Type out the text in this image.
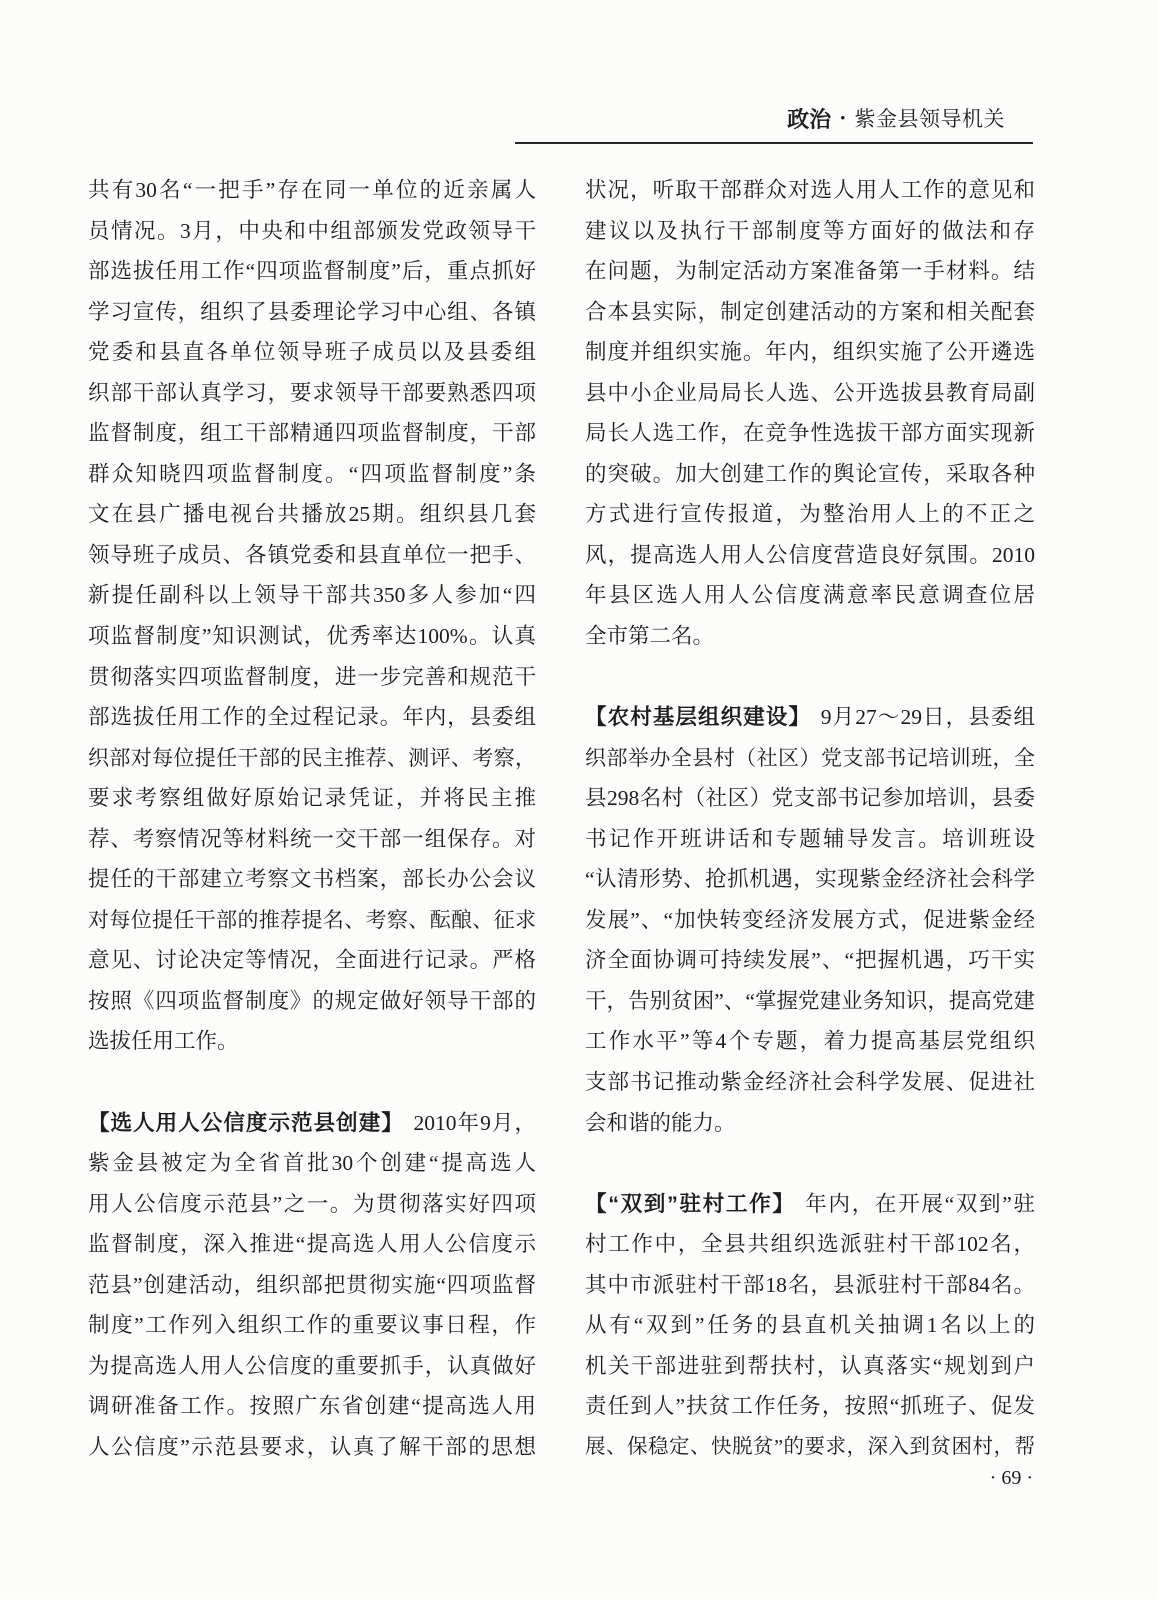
政治 · 紫金县领导机关
共有30名“一把手”存在同一单位的近亲属人
员情况。3月，中央和中组部颁发党政领导干
部选拔任用工作“四项监督制度”后，重点抓好
学习宣传，组织了县委理论学习中心组、各镇
党委和县直各单位领导班子成员以及县委组
织部干部认真学习，要求领导干部要熟悉四项
监督制度，组工干部精通四项监督制度，干部
群众知晓四项监督制度。“四项监督制度”条
文在县广播电视台共播放25期。组织县几套
领导班子成员、各镇党委和县直单位一把手、
新提任副科以上领导干部共350多人参加“四
项监督制度”知识测试，优秀率达100%。认真
贯彻落实四项监督制度，进一步完善和规范干
部选拔任用工作的全过程记录。年内，县委组
织部对每位提任干部的民主推荐、测评、考察，
要求考察组做好原始记录凭证，并将民主推
荐、考察情况等材料统一交干部一组保存。对
提任的干部建立考察文书档案，部长办公会议
对每位提任干部的推荐提名、考察、酝酿、征求
意见、讨论决定等情况，全面进行记录。严格
按照《四项监督制度》的规定做好领导干部的
选拔任用工作。
【选人用人公信度示范县创建】 2010年9月，
紫金县被定为全省首批30个创建“提高选人
用人公信度示范县”之一。为贯彻落实好四项
监督制度，深入推进“提高选人用人公信度示
范县”创建活动，组织部把贯彻实施“四项监督
制度”工作列入组织工作的重要议事日程，作
为提高选人用人公信度的重要抓手，认真做好
调研准备工作。按照广东省创建“提高选人用
人公信度”示范县要求，认真了解干部的思想
状况，听取干部群众对选人用人工作的意见和
建议以及执行干部制度等方面好的做法和存
在问题，为制定活动方案准备第一手材料。结
合本县实际，制定创建活动的方案和相关配套
制度并组织实施。年内，组织实施了公开遴选
县中小企业局局长人选、公开选拔县教育局副
局长人选工作，在竞争性选拔干部方面实现新
的突破。加大创建工作的舆论宣传，采取各种
方式进行宣传报道，为整治用人上的不正之
风，提高选人用人公信度营造良好氛围。2010
年县区选人用人公信度满意率民意调查位居
全市第二名。
【农村基层组织建设】 9月27～29日，县委组
织部举办全县村（社区）党支部书记培训班，全
县298名村（社区）党支部书记参加培训，县委
书记作开班讲话和专题辅导发言。培训班设
“认清形势、抢抓机遇，实现紫金经济社会科学
发展”、“加快转变经济发展方式，促进紫金经
济全面协调可持续发展”、“把握机遇，巧干实
干，告别贫困”、“掌握党建业务知识，提高党建
工作水平”等4个专题，着力提高基层党组织
支部书记推动紫金经济社会科学发展、促进社
会和谐的能力。
【“双到”驻村工作】 年内，在开展“双到”驻
村工作中，全县共组织选派驻村干部102名，
其中市派驻村干部18名，县派驻村干部84名。
从有“双到”任务的县直机关抽调1名以上的
机关干部进驻到帮扶村，认真落实“规划到户
责任到人”扶贫工作任务，按照“抓班子、促发
展、保稳定、快脱贫”的要求，深入到贫困村，帮
· 69 ·
